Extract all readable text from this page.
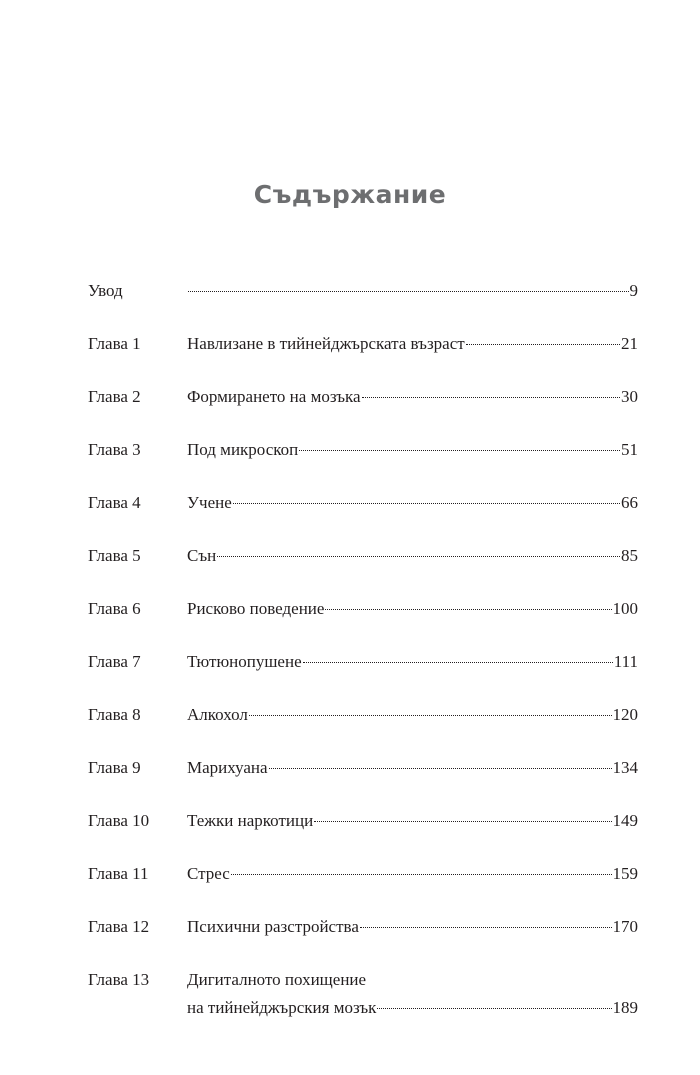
Съдържание
Увод	9
Глава 1	Навлизане в тийнейджърската възраст	21
Глава 2	Формирането на мозъка	30
Глава 3	Под микроскоп	51
Глава 4	Учене	66
Глава 5	Сън	85
Глава 6	Рисково поведение	100
Глава 7	Тютюнопушене	111
Глава 8	Алкохол	120
Глава 9	Марихуана	134
Глава 10	Тежки наркотици	149
Глава 11	Стрес	159
Глава 12	Психични разстройства	170
Глава 13	Дигиталното похищение
на тийнейджърския мозък	189
